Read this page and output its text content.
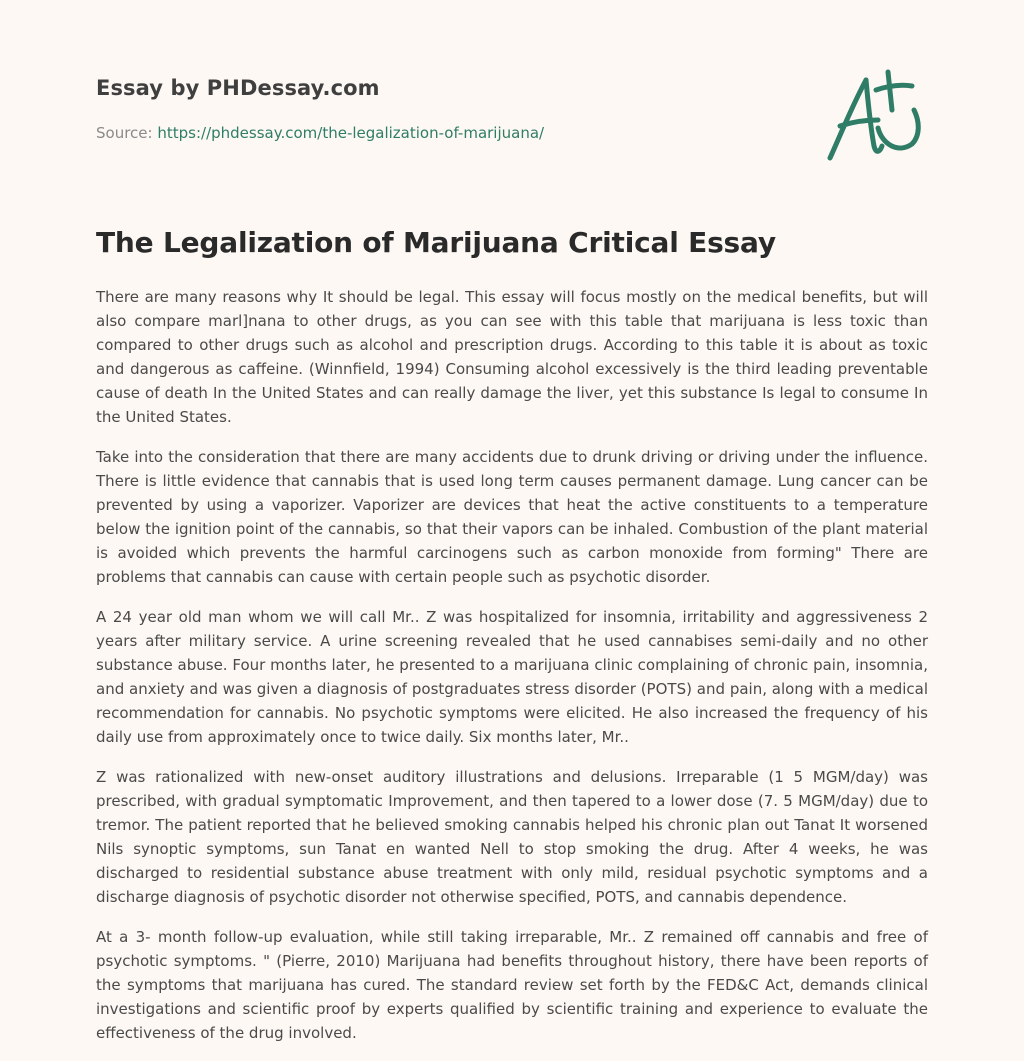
Essay by PHDessay.com
Source: https://phdessay.com/the-legalization-of-marijuana/
The Legalization of Marijuana Critical Essay

There are many reasons why It should be legal. This essay will focus mostly on the medical benefits, but will also compare marl]nana to other drugs, as you can see with this table that marijuana is less toxic than compared to other drugs such as alcohol and prescription drugs. According to this table it is about as toxic and dangerous as caffeine. (Winnfield, 1994) Consuming alcohol excessively is the third leading preventable cause of death In the United States and can really damage the liver, yet this substance Is legal to consume In the United States.

Take into the consideration that there are many accidents due to drunk driving or driving under the influence. There is little evidence that cannabis that is used long term causes permanent damage. Lung cancer can be prevented by using a vaporizer. Vaporizer are devices that heat the active constituents to a temperature below the ignition point of the cannabis, so that their vapors can be inhaled. Combustion of the plant material is avoided which prevents the harmful carcinogens such as carbon monoxide from forming" There are problems that cannabis can cause with certain people such as psychotic disorder.

A 24 year old man whom we will call Mr.. Z was hospitalized for insomnia, irritability and aggressiveness 2 years after military service. A urine screening revealed that he used cannabises semi-daily and no other substance abuse. Four months later, he presented to a marijuana clinic complaining of chronic pain, insomnia, and anxiety and was given a diagnosis of postgraduates stress disorder (POTS) and pain, along with a medical recommendation for cannabis. No psychotic symptoms were elicited. He also increased the frequency of his daily use from approximately once to twice daily. Six months later, Mr..

Z was rationalized with new-onset auditory illustrations and delusions. Irreparable (1 5 MGM/day) was prescribed, with gradual symptomatic Improvement, and then tapered to a lower dose (7. 5 MGM/day) due to tremor. The patient reported that he believed smoking cannabis helped his chronic plan out Tanat It worsened Nils synoptic symptoms, sun Tanat en wanted Nell to stop smoking the drug. After 4 weeks, he was discharged to residential substance abuse treatment with only mild, residual psychotic symptoms and a discharge diagnosis of psychotic disorder not otherwise specified, POTS, and cannabis dependence.

At a 3- month follow-up evaluation, while still taking irreparable, Mr.. Z remained off cannabis and free of psychotic symptoms. " (Pierre, 2010) Marijuana had benefits throughout history, there have been reports of the symptoms that marijuana has cured. The standard review set forth by the FED&C Act, demands clinical investigations and scientific proof by experts qualified by scientific training and experience to evaluate the effectiveness of the drug involved.
